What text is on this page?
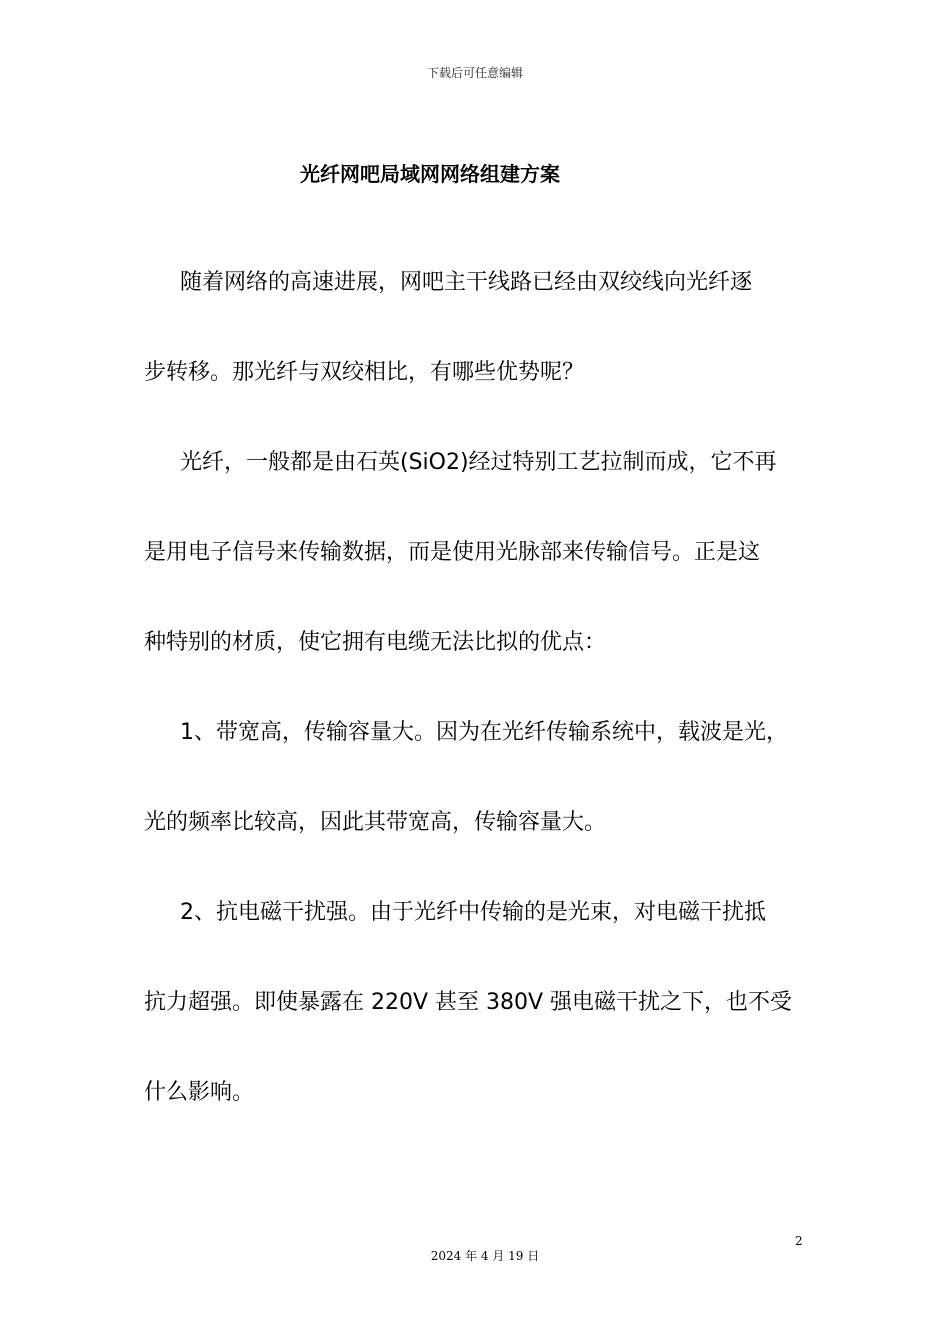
下载后可任意编辑
光纤网吧局域网网络组建方案

随着网络的高速进展，网吧主干线路已经由双绞线向光纤逐
步转移。那光纤与双绞相比，有哪些优势呢？

光纤，一般都是由石英(SiO2)经过特别工艺拉制而成，它不再
是用电子信号来传输数据，而是使用光脉部来传输信号。正是这
种特别的材质，使它拥有电缆无法比拟的优点：

1、带宽高，传输容量大。因为在光纤传输系统中，载波是光，
光的频率比较高，因此其带宽高，传输容量大。

2、抗电磁干扰强。由于光纤中传输的是光束，对电磁干扰抵
抗力超强。即使暴露在 220V 甚至 380V 强电磁干扰之下，也不受
什么影响。

2
2024 年 4 月 19 日
